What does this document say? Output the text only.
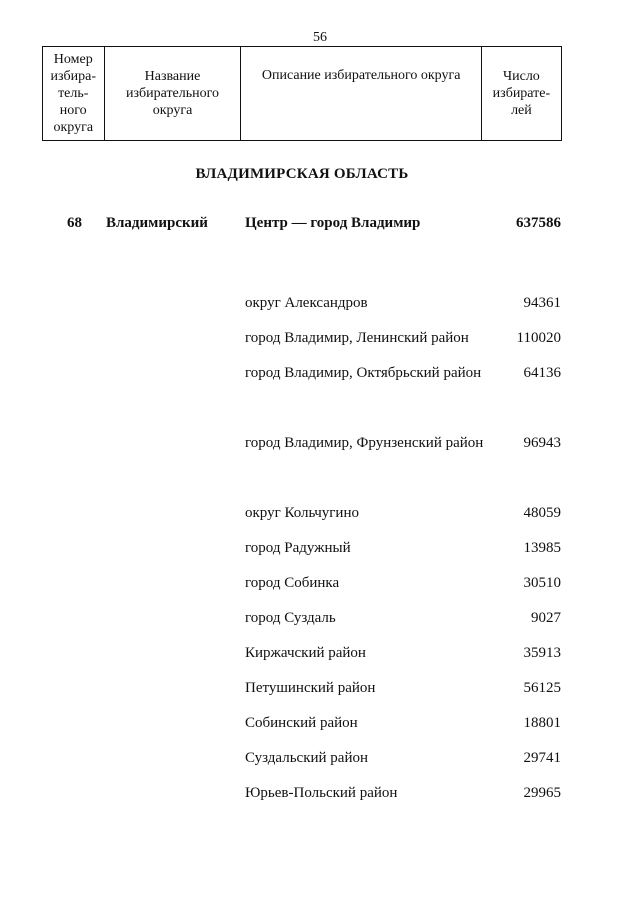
56
Номер избира-тель-ного округа	Название избирательного округа	Описание избирательного округа	Число избирате-лей
ВЛАДИМИРСКАЯ ОБЛАСТЬ
68 Владимирский Центр — город Владимир	637586
округ Александров	94361
город Владимир, Ленинский район	110020
город Владимир, Октябрьский район	64136
город Владимир, Фрунзенский район	96943
округ Кольчугино	48059
город Радужный	13985
город Собинка	30510
город Суздаль	9027
Киржачский район	35913
Петушинский район	56125
Собинский район	18801
Суздальский район	29741
Юрьев-Польский район	29965
